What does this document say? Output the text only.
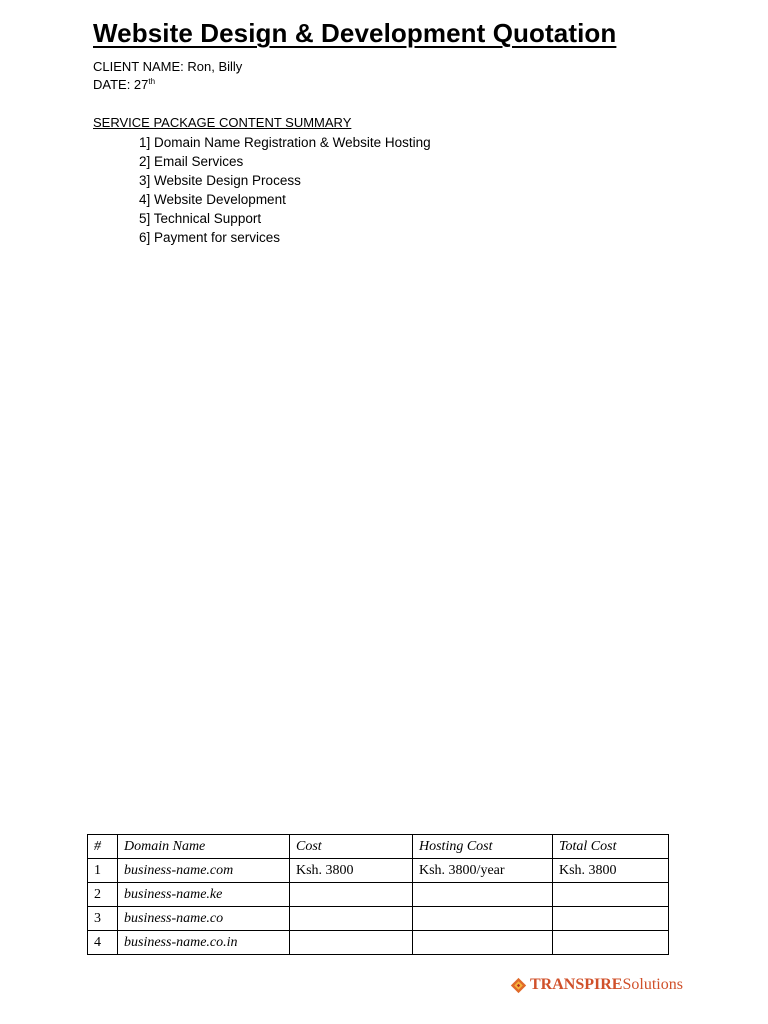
Website Design & Development Quotation
CLIENT NAME: Ron, Billy
DATE: 27th
SERVICE PACKAGE CONTENT SUMMARY
1] Domain Name Registration & Website Hosting
2] Email Services
3] Website Design Process
4] Website Development
5] Technical Support
6] Payment for services
#	Domain Name	Cost	Hosting Cost	Total Cost
1	business-name.com	Ksh. 3800	Ksh. 3800/year	Ksh. 3800
2	business-name.ke			
3	business-name.co			
4	business-name.co.in			
TRANSPIRESolutions
